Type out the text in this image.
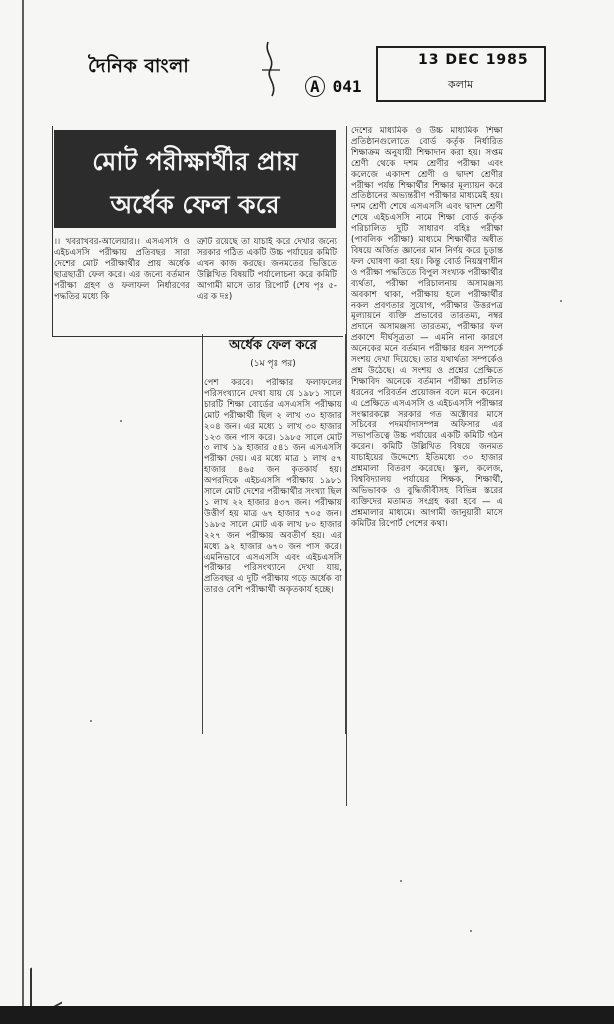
দৈনিক বাংলা
A 041
13 DEC 1985
কলাম
মোট পরীক্ষার্থীর প্রায়
অর্ধেক ফেল করে

।। খবরাখবর-আলেয়ার।। এসএসসি ও এইচএসসি পরীক্ষায় প্রতিবছর সারা দেশের মোট পরীক্ষার্থীর প্রায় অর্ধেক ছাত্রছাত্রী ফেল করে। এর জন্যে বর্তমান পরীক্ষা গ্রহণ ও ফলাফল নির্ধারণের পদ্ধতির মধ্যে কি

ত্রুটি রয়েছে তা যাচাই করে দেখার জন্যে সরকার গঠিত একটি উচ্চ পর্যায়ের কমিটি এখন কাজ করছে। জনমতের ভিত্তিতে উল্লিখিত বিষয়টি পর্যালোচনা করে কমিটি আগামী মাসে তার রিপোর্ট (শেষ পৃঃ ৫-এর ক দঃ)

অর্ধেক ফেল করে
(১ম পৃঃ পর)

পেশ করবে। পরীক্ষার ফলাফলের পরিসংখ্যানে দেখা যায় যে ১৯৮১ সালে চারটি শিক্ষা বোর্ডের এসএসসি পরীক্ষায় মোট পরীক্ষার্থী ছিল ২ লাখ ৩০ হাজার ২০৪ জন। এর মধ্যে ১ লাখ ৩০ হাজার ১২৩ জন পাস করে। ১৯৮৫ সালে মোট ৩ লাখ ১৯ হাজার ৫৪১ জন এসএসসি পরীক্ষা দেয়। এর মধ্যে মাত্র ১ লাখ ৫৭ হাজার ৪৬৫ জন কৃতকার্য হয়। অপরদিকে এইচএসসি পরীক্ষায় ১৯৮১ সালে মোট দেশের পরীক্ষার্থীর সংখ্যা ছিল ১ লাখ ২২ হাজার ৪৩৭ জন। পরীক্ষায় উত্তীর্ণ হয় মাত্র ৬৭ হাজার ৭০৫ জন। ১৯৮৫ সালে মোট এক লাখ ৮০ হাজার ২২৭ জন পরীক্ষায় অবতীর্ণ হয়। এর মধ্যে ৯২ হাজার ৬৭০ জন পাস করে। এমনিভাবে এসএসসি এবং এইচএসসি পরীক্ষার পরিসংখ্যানে দেখা যায়, প্রতিবছর এ দুটি পরীক্ষায় গড়ে অর্ধেক বা তারও বেশি পরীক্ষার্থী অকৃতকার্য হচ্ছে।

দেশের মাধ্যমিক ও উচ্চ মাধ্যমিক শিক্ষা প্রতিষ্ঠানগুলোতে বোর্ড কর্তৃক নির্ধারিত শিক্ষাক্রম অনুযায়ী শিক্ষাদান করা হয়। সপ্তম শ্রেণী থেকে দশম শ্রেণীর পরীক্ষা এবং কলেজে একাদশ শ্রেণী ও দ্বাদশ শ্রেণীর পরীক্ষা পর্যন্ত শিক্ষার্থীর শিক্ষার মূল্যায়ন করে প্রতিষ্ঠানের অভ্যন্তরীণ পরীক্ষার মাধ্যমেই হয়। দশম শ্রেণী শেষে এসএসসি এবং দ্বাদশ শ্রেণী শেষে এইচএসসি নামে শিক্ষা বোর্ড কর্তৃক পরিচালিত দুটি সাধারণ বহিঃ পরীক্ষা (পাবলিক পরীক্ষা) মাধ্যমে শিক্ষার্থীর অধীত বিষয়ে অর্জিত জ্ঞানের মান নির্ণয় করে চূড়ান্ত ফল ঘোষণা করা হয়। কিন্তু বোর্ড নিয়ন্ত্রণাধীন ও পরীক্ষা পদ্ধতিতে বিপুল সংখ্যক পরীক্ষার্থীর ব্যর্থতা, পরীক্ষা পরিচালনায় অসামঞ্জস্য অবকাশ থাকা, পরীক্ষায় হলে পরীক্ষার্থীর নকল প্রবণতার সুযোগ, পরীক্ষার উত্তরপত্র মূল্যায়নে ব্যক্তি প্রভাবের তারতম্য, নম্বর প্রদানে অসামঞ্জস্য তারতম্য, পরীক্ষার ফল প্রকাশে দীর্ঘসূত্রতা — এমনি নানা কারণে অনেকের মনে বর্তমান পরীক্ষার ধরন সম্পর্কে সংশয় দেখা দিয়েছে। তার যথার্থতা সম্পর্কেও প্রশ্ন উঠেছে। এ সংশয় ও প্রশ্নের প্রেক্ষিতে শিক্ষাবিদ অনেকে বর্তমান পরীক্ষা প্রচলিত ধরনের পরিবর্তন প্রয়োজন বলে মনে করেন। এ প্রেক্ষিতে এসএসসি ও এইচএসসি পরীক্ষার সংস্কারকল্পে সরকার গত অক্টোবর মাসে সচিবের পদমর্যাদাসম্পন্ন অফিসার এর সভাপতিত্বে উচ্চ পর্যায়ের একটি কমিটি গঠন করেন। কমিটি উল্লিখিত বিষয়ে জনমত যাচাইয়ের উদ্দেশ্যে ইতিমধ্যে ৩০ হাজার প্রশ্নমালা বিতরণ করেছে। স্কুল, কলেজ, বিশ্ববিদ্যালয় পর্যায়ের শিক্ষক, শিক্ষার্থী, অভিভাবক ও বুদ্ধিজীবীসহ বিভিন্ন স্তরের ব্যক্তিদের মতামত সংগ্রহ করা হবে — এ প্রশ্নমালার মাধ্যমে। আগামী জানুয়ারী মাসে কমিটির রিপোর্ট পেশের কথা।
